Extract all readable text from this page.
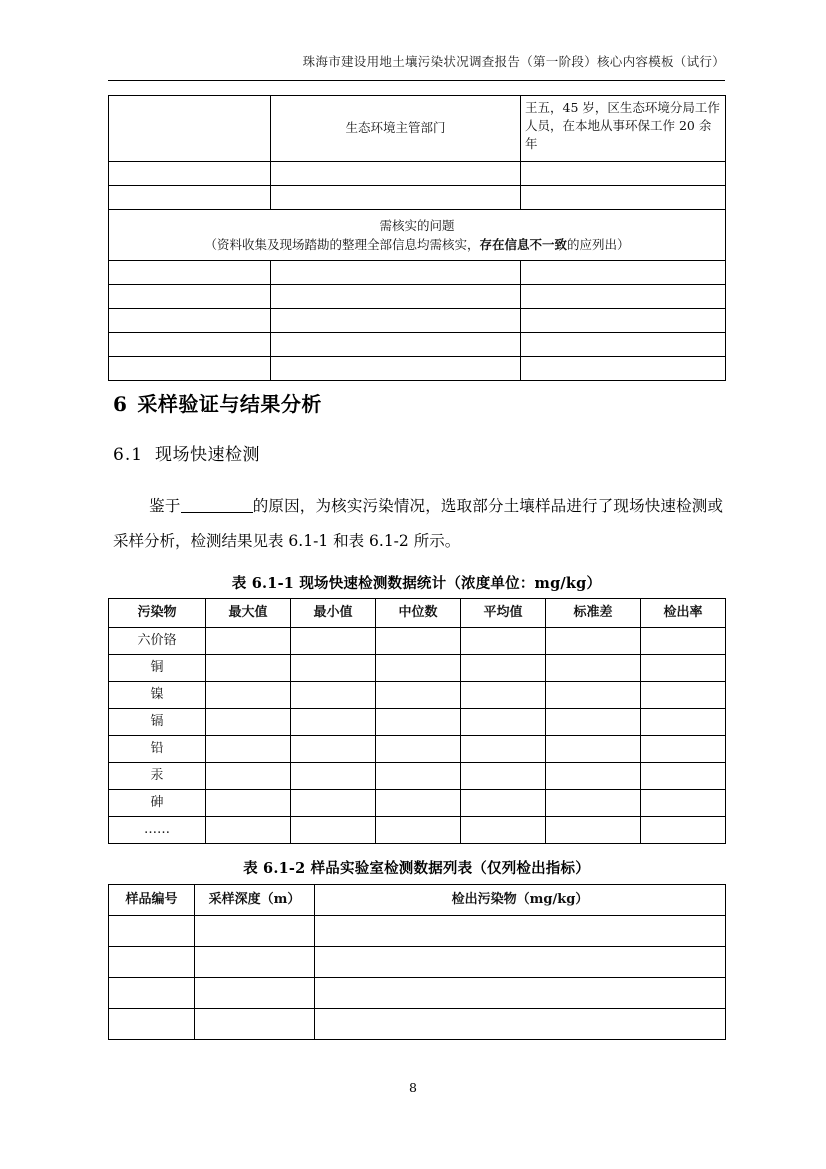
珠海市建设用地土壤污染状况调查报告（第一阶段）核心内容模板（试行）
	生态环境主管部门	王五，45 岁，区生态环境分局工作人员，在本地从事环保工作 20 余年

需核实的问题
（资料收集及现场踏勘的整理全部信息均需核实，存在信息不一致的应列出）		

6 采样验证与结果分析
6.1 现场快速检测
鉴于	的原因，为核实污染情况，选取部分土壤样品进行了现场快速检测或采样分析，检测结果见表 6.1-1 和表 6.1-2 所示。
表 6.1-1 现场快速检测数据统计（浓度单位：mg/kg）
污染物	最大值	最小值	中位数	平均值	标准差	检出率
六价铬						
铜						
镍						
镉						
铅						
汞						
砷						
……						
表 6.1-2 样品实验室检测数据列表（仅列检出指标）
样品编号	采样深度（m）	检出污染物（mg/kg）

8
